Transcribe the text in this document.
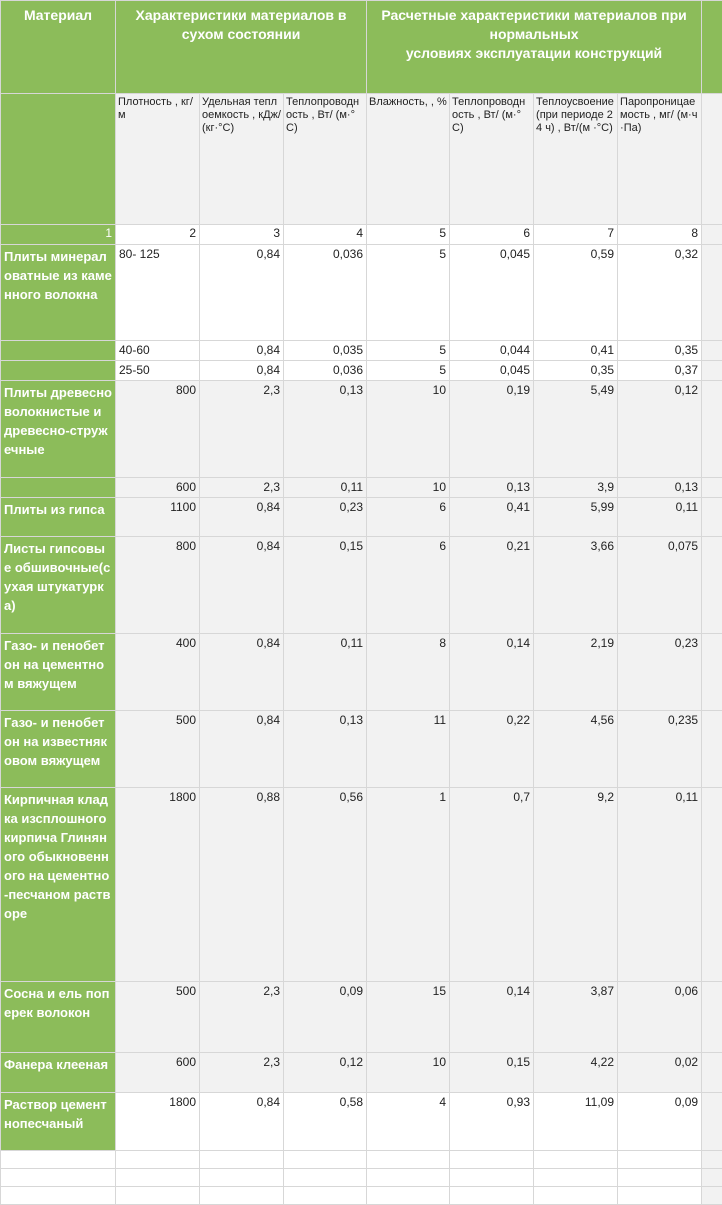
Материал	Характеристики материалов в сухом состоянии			Расчетные характеристики материалов при нормальных
условиях эксплуатации конструкций				
	Плотность , кг/м	Удельная теплоемкость , кДж/ (кг·°С)	Теплопроводность , Вт/ (м·°С)	Влажность, , %	Теплопроводность , Вт/ (м·°С)	Теплоусвоение (при периоде 24 ч) , Вт/(м ·°С)	Паропроницаемость , мг/ (м·ч·Па)	
1	2	3	4	5	6	7	8	
Плиты минераловатные из каменного волокна	80- 125	0,84	0,036	5	0,045	0,59	0,32	
	40-60	0,84	0,035	5	0,044	0,41	0,35	
	25-50	0,84	0,036	5	0,045	0,35	0,37	
Плиты древесноволокнистые и древесно-стружечные	800	2,3	0,13	10	0,19	5,49	0,12	
	600	2,3	0,11	10	0,13	3,9	0,13	
Плиты из гипса	1100	0,84	0,23	6	0,41	5,99	0,11	
Листы гипсовые обшивочные(сухая штукатурка)	800	0,84	0,15	6	0,21	3,66	0,075	
Газо- и пенобетон на цементном вяжущем	400	0,84	0,11	8	0,14	2,19	0,23	
Газо- и пенобетон на известняковом вяжущем	500	0,84	0,13	11	0,22	4,56	0,235	
Кирпичная кладка изсплошного кирпича Глиняного обыкновенного на цементно-песчаном растворе	1800	0,88	0,56	1	0,7	9,2	0,11	
Сосна и ель поперек волокон	500	2,3	0,09	15	0,14	3,87	0,06	
Фанера клееная	600	2,3	0,12	10	0,15	4,22	0,02	
Раствор цементнопесчаный	1800	0,84	0,58	4	0,93	11,09	0,09	
